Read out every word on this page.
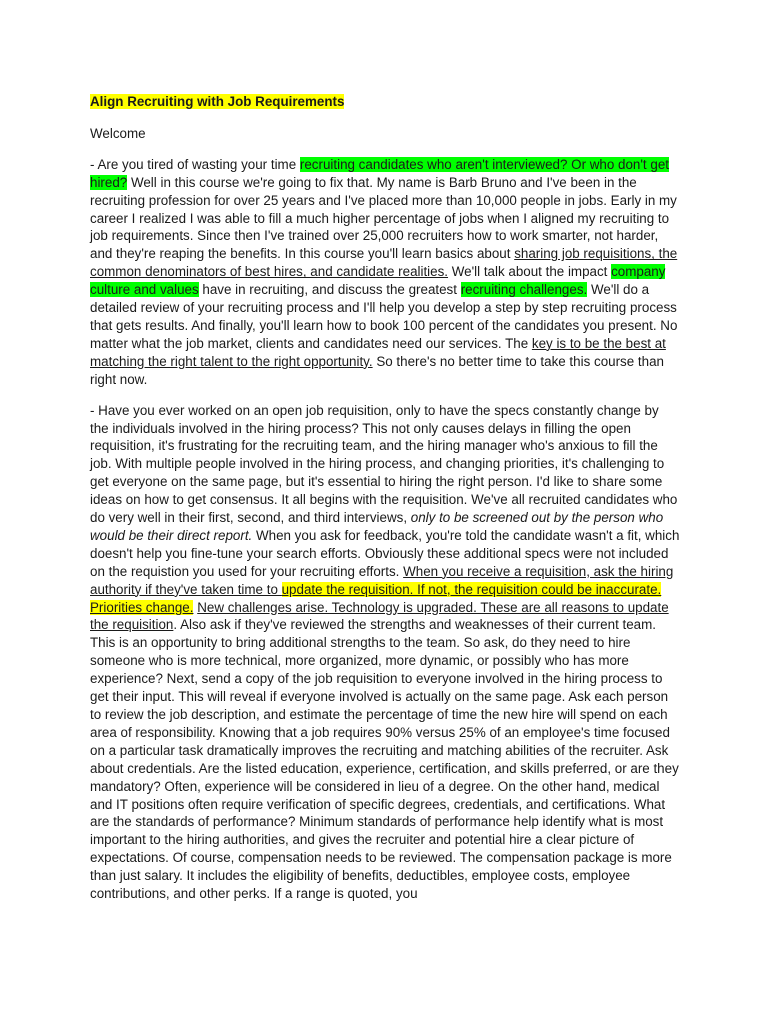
Align Recruiting with Job Requirements
Welcome

- Are you tired of wasting your time recruiting candidates who aren't interviewed? Or who don't get hired? Well in this course we're going to fix that. My name is Barb Bruno and I've been in the recruiting profession for over 25 years and I've placed more than 10,000 people in jobs. Early in my career I realized I was able to fill a much higher percentage of jobs when I aligned my recruiting to job requirements. Since then I've trained over 25,000 recruiters how to work smarter, not harder, and they're reaping the benefits. In this course you'll learn basics about sharing job requisitions, the common denominators of best hires, and candidate realities. We'll talk about the impact company culture and values have in recruiting, and discuss the greatest recruiting challenges. We'll do a detailed review of your recruiting process and I'll help you develop a step by step recruiting process that gets results. And finally, you'll learn how to book 100 percent of the candidates you present. No matter what the job market, clients and candidates need our services. The key is to be the best at matching the right talent to the right opportunity. So there's no better time to take this course than right now.

- Have you ever worked on an open job requisition, only to have the specs constantly change by the individuals involved in the hiring process? This not only causes delays in filling the open requisition, it's frustrating for the recruiting team, and the hiring manager who's anxious to fill the job. With multiple people involved in the hiring process, and changing priorities, it's challenging to get everyone on the same page, but it's essential to hiring the right person. I'd like to share some ideas on how to get consensus. It all begins with the requisition. We've all recruited candidates who do very well in their first, second, and third interviews, only to be screened out by the person who would be their direct report. When you ask for feedback, you're told the candidate wasn't a fit, which doesn't help you fine-tune your search efforts. Obviously these additional specs were not included on the requistion you used for your recruiting efforts. When you receive a requisition, ask the hiring authority if they've taken time to update the requisition. If not, the requisition could be inaccurate. Priorities change. New challenges arise. Technology is upgraded. These are all reasons to update the requisition. Also ask if they've reviewed the strengths and weaknesses of their current team. This is an opportunity to bring additional strengths to the team. So ask, do they need to hire someone who is more technical, more organized, more dynamic, or possibly who has more experience? Next, send a copy of the job requisition to everyone involved in the hiring process to get their input. This will reveal if everyone involved is actually on the same page. Ask each person to review the job description, and estimate the percentage of time the new hire will spend on each area of responsibility. Knowing that a job requires 90% versus 25% of an employee's time focused on a particular task dramatically improves the recruiting and matching abilities of the recruiter. Ask about credentials. Are the listed education, experience, certification, and skills preferred, or are they mandatory? Often, experience will be considered in lieu of a degree. On the other hand, medical and IT positions often require verification of specific degrees, credentials, and certifications. What are the standards of performance? Minimum standards of performance help identify what is most important to the hiring authorities, and gives the recruiter and potential hire a clear picture of expectations. Of course, compensation needs to be reviewed. The compensation package is more than just salary. It includes the eligibility of benefits, deductibles, employee costs, employee contributions, and other perks. If a range is quoted, you
